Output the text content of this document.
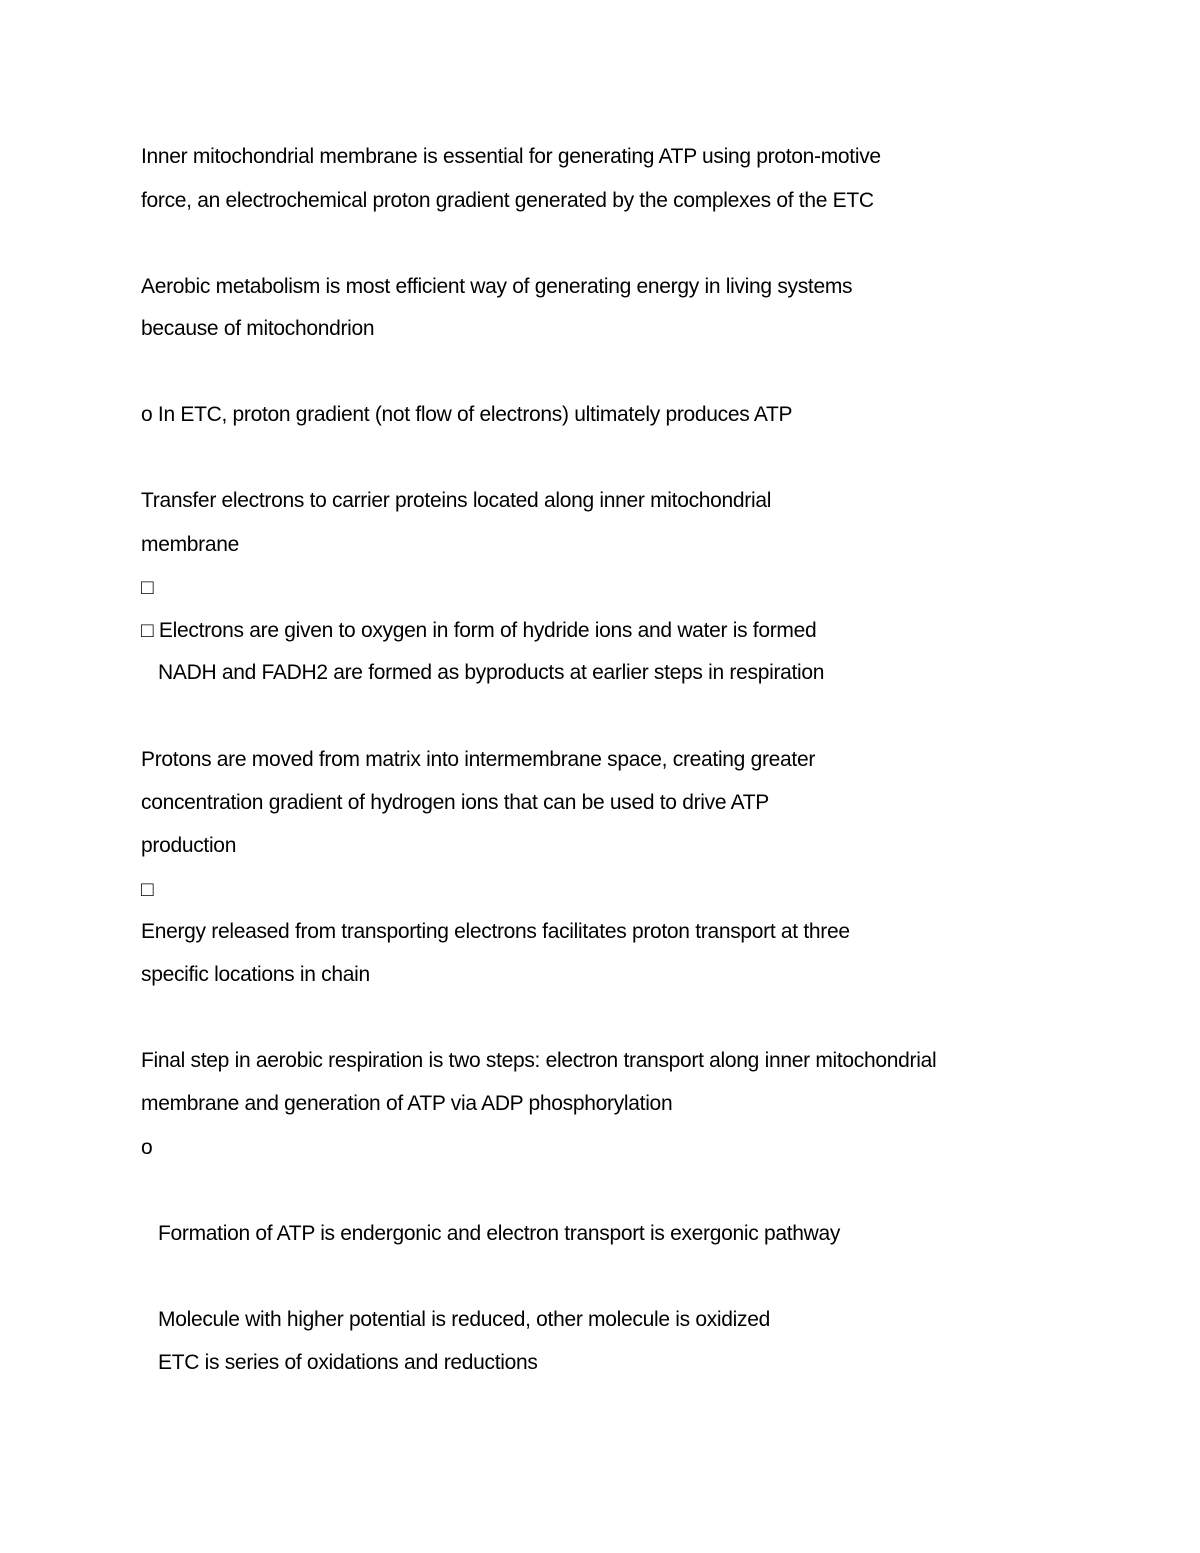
Inner mitochondrial membrane is essential for generating ATP using proton-motive
force, an electrochemical proton gradient generated by the complexes of the ETC
Aerobic metabolism is most efficient way of generating energy in living systems
because of mitochondrion
o In ETC, proton gradient (not flow of electrons) ultimately produces ATP
Transfer electrons to carrier proteins located along inner mitochondrial
membrane
□
□ Electrons are given to oxygen in form of hydride ions and water is formed
NADH and FADH2 are formed as byproducts at earlier steps in respiration
Protons are moved from matrix into intermembrane space, creating greater
concentration gradient of hydrogen ions that can be used to drive ATP
production
□
Energy released from transporting electrons facilitates proton transport at three
specific locations in chain
Final step in aerobic respiration is two steps: electron transport along inner mitochondrial
membrane and generation of ATP via ADP phosphorylation
o
Formation of ATP is endergonic and electron transport is exergonic pathway
Molecule with higher potential is reduced, other molecule is oxidized
ETC is series of oxidations and reductions
